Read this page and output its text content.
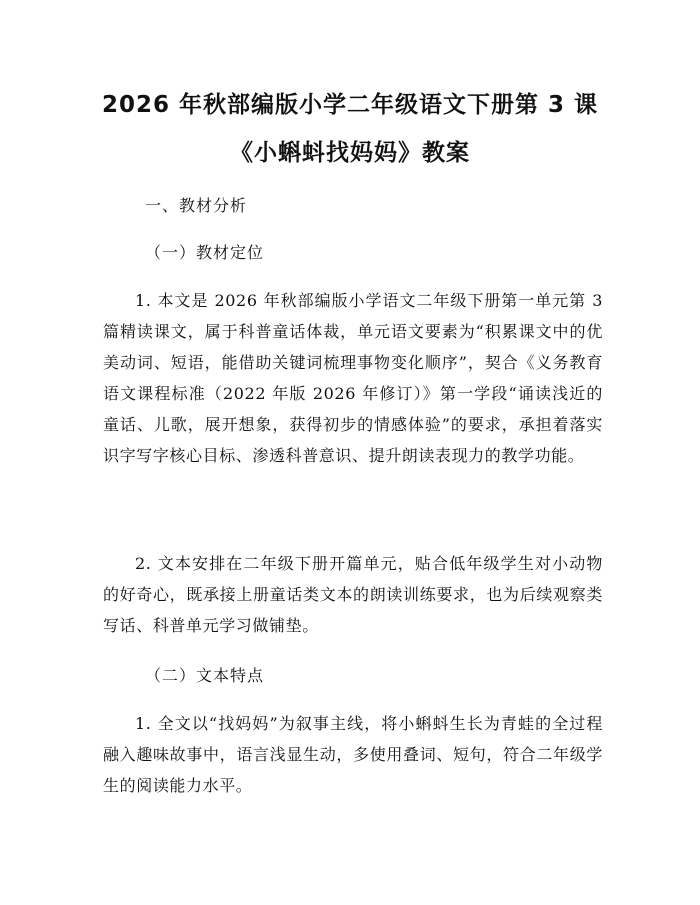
2026 年秋部编版小学二年级语文下册第 3 课
《小蝌蚪找妈妈》教案
一、教材分析
（一）教材定位
1. 本文是 2026 年秋部编版小学语文二年级下册第一单元第 3 篇精读课文，属于科普童话体裁，单元语文要素为“积累课文中的优美动词、短语，能借助关键词梳理事物变化顺序”，契合《义务教育语文课程标准（2022 年版 2026 年修订）》第一学段“诵读浅近的童话、儿歌，展开想象，获得初步的情感体验”的要求，承担着落实识字写字核心目标、渗透科普意识、提升朗读表现力的教学功能。
2. 文本安排在二年级下册开篇单元，贴合低年级学生对小动物的好奇心，既承接上册童话类文本的朗读训练要求，也为后续观察类写话、科普单元学习做铺垫。
（二）文本特点
1. 全文以“找妈妈”为叙事主线，将小蝌蚪生长为青蛙的全过程融入趣味故事中，语言浅显生动，多使用叠词、短句，符合二年级学生的阅读能力水平。
